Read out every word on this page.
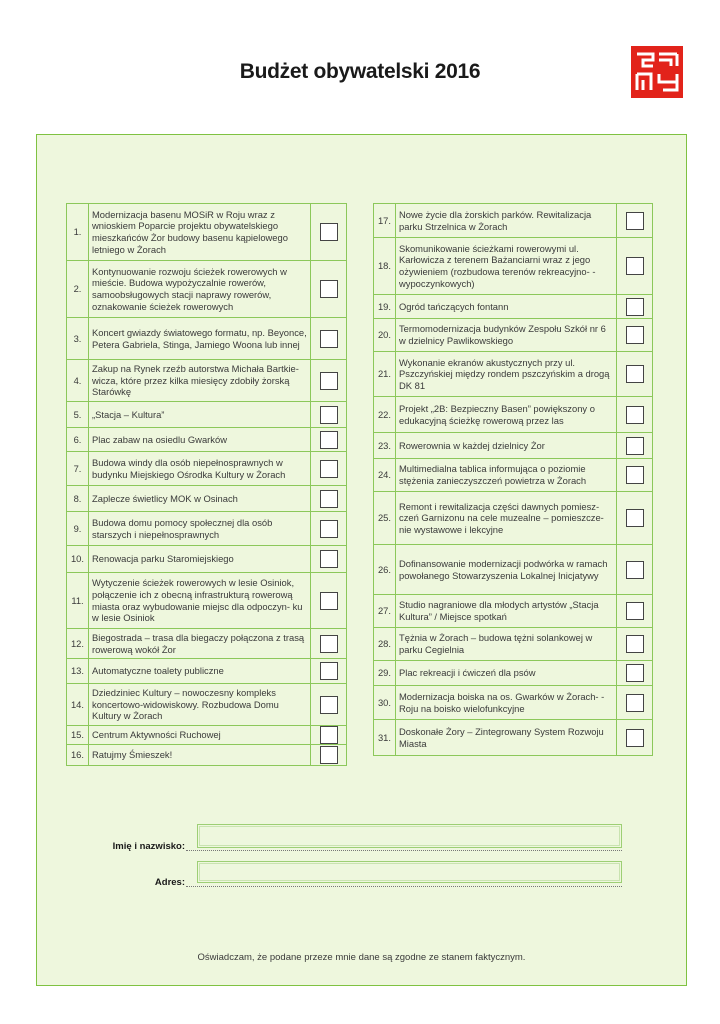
Budżet obywatelski 2016
1.	Modernizacja basenu MOSiR w Roju wraz z wnioskiem Poparcie projektu obywatelskiego mieszkańców Żor budowy basenu kąpielowego letniego w Żorach	
2.	Kontynuowanie rozwoju ścieżek rowerowych w mieście. Budowa wypożyczalnie rowerów, samoobsługowych stacji naprawy rowerów, oznakowanie ścieżek rowerowych	
3.	Koncert gwiazdy światowego formatu, np. Beyonce, Petera Gabriela, Stinga, Jamiego Woona lub innej	
4.	Zakup na Rynek rzeźb autorstwa Michała Bartkie- wicza, które przez kilka miesięcy zdobiły żorską Starówkę	
5.	„Stacja – Kultura”	
6.	Plac zabaw na osiedlu Gwarków	
7.	Budowa windy dla osób niepełnosprawnych w budynku Miejskiego Ośrodka Kultury w Żorach	
8.	Zaplecze świetlicy MOK w Osinach	
9.	Budowa domu pomocy społecznej dla osób starszych i niepełnosprawnych	
10.	Renowacja parku Staromiejskiego	
11.	Wytyczenie ścieżek rowerowych w lesie Osiniok, połączenie ich z obecną infrastrukturą rowerową miasta oraz wybudowanie miejsc dla odpoczyn- ku w lesie Osiniok	
12.	Biegostrada – trasa dla biegaczy połączona z trasą rowerową wokół Żor	
13.	Automatyczne toalety publiczne	
14.	Dziedziniec Kultury – nowoczesny kompleks koncertowo-widowiskowy. Rozbudowa Domu Kultury w Żorach	
15.	Centrum Aktywności Ruchowej	
16.	Ratujmy Śmieszek!	
17.	Nowe życie dla żorskich parków. Rewitalizacja parku Strzelnica w Żorach	
18.	Skomunikowanie ścieżkami rowerowymi ul. Karłowicza z terenem Bażanciarni wraz z jego ożywieniem (rozbudowa terenów rekreacyjno- -wypoczynkowych)	
19.	Ogród tańczących fontann	
20.	Termomodernizacja budynków Zespołu Szkół nr 6 w dzielnicy Pawlikowskiego	
21.	Wykonanie ekranów akustycznych przy ul. Pszczyńskiej między rondem pszczyńskim a drogą DK 81	
22.	Projekt „2B: Bezpieczny Basen” powiększony o edukacyjną ścieżkę rowerową przez las	
23.	Rowerownia w każdej dzielnicy Żor	
24.	Multimedialna tablica informująca o poziomie stężenia zanieczyszczeń powietrza w Żorach	
25.	Remont i rewitalizacja części dawnych pomiesz- czeń Garnizonu na cele muzealne – pomieszcze- nie wystawowe i lekcyjne	
26.	Dofinansowanie modernizacji podwórka w ramach powołanego Stowarzyszenia Lokalnej Inicjatywy	
27.	Studio nagraniowe dla młodych artystów „Stacja Kultura” / Miejsce spotkań	
28.	Tężnia w Żorach – budowa tężni solankowej w parku Cegielnia	
29.	Plac rekreacji i ćwiczeń dla psów	
30.	Modernizacja boiska na os. Gwarków w Żorach- -Roju na boisko wielofunkcyjne	
31.	Doskonałe Żory – Zintegrowany System Rozwoju Miasta	
Imię i nazwisko:
Adres:
Oświadczam, że podane przeze mnie dane są zgodne ze stanem faktycznym.
